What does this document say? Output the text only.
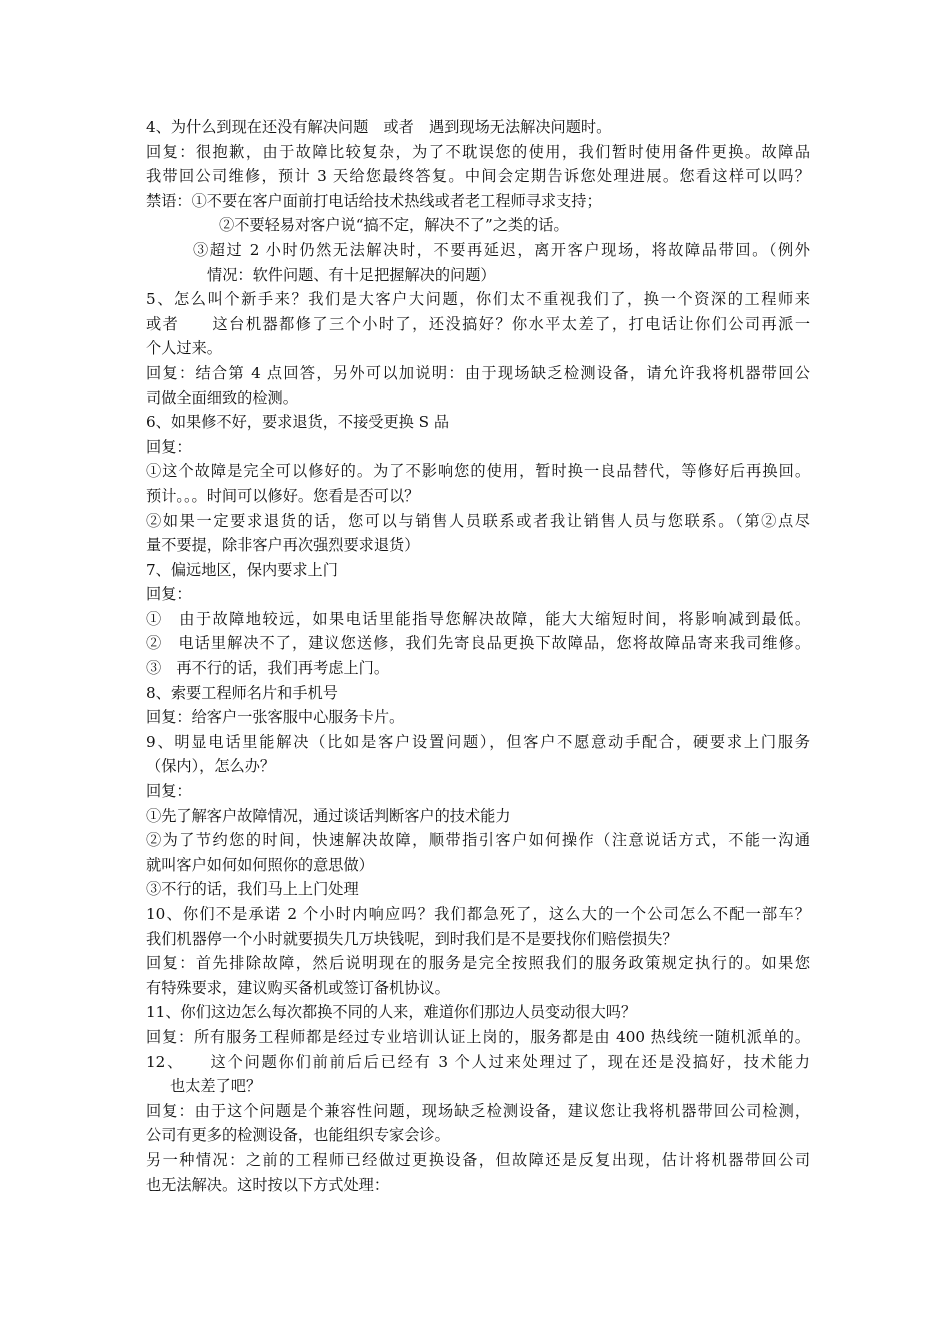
4、为什么到现在还没有解决问题　或者　遇到现场无法解决问题时。
回复：很抱歉，由于故障比较复杂，为了不耽误您的使用，我们暂时使用备件更换。故障品
我带回公司维修，预计 3 天给您最终答复。中间会定期告诉您处理进展。您看这样可以吗？
禁语：①不要在客户面前打电话给技术热线或者老工程师寻求支持；
②不要轻易对客户说“搞不定，解决不了”之类的话。
③超过 2 小时仍然无法解决时，不要再延迟，离开客户现场，将故障品带回。（例外
情况：软件问题、有十足把握解决的问题）
5、怎么叫个新手来？我们是大客户大问题，你们太不重视我们了，换一个资深的工程师来
或者　　这台机器都修了三个小时了，还没搞好？你水平太差了，打电话让你们公司再派一
个人过来。
回复：结合第 4 点回答，另外可以加说明：由于现场缺乏检测设备，请允许我将机器带回公
司做全面细致的检测。
6、如果修不好，要求退货，不接受更换 S 品
回复：
①这个故障是完全可以修好的。为了不影响您的使用，暂时换一良品替代，等修好后再换回。
预计。。。时间可以修好。您看是否可以？
②如果一定要求退货的话，您可以与销售人员联系或者我让销售人员与您联系。（第②点尽
量不要提，除非客户再次强烈要求退货）
7、偏远地区，保内要求上门
回复：
①　由于故障地较远，如果电话里能指导您解决故障，能大大缩短时间，将影响减到最低。
②　电话里解决不了，建议您送修，我们先寄良品更换下故障品，您将故障品寄来我司维修。
③　再不行的话，我们再考虑上门。
8、索要工程师名片和手机号
回复：给客户一张客服中心服务卡片。
9、明显电话里能解决（比如是客户设置问题），但客户不愿意动手配合，硬要求上门服务
（保内），怎么办？
回复：
①先了解客户故障情况，通过谈话判断客户的技术能力
②为了节约您的时间，快速解决故障，顺带指引客户如何操作（注意说话方式，不能一沟通
就叫客户如何如何照你的意思做）
③不行的话，我们马上上门处理
10、你们不是承诺 2 个小时内响应吗？我们都急死了，这么大的一个公司怎么不配一部车？
我们机器停一个小时就要损失几万块钱呢，到时我们是不是要找你们赔偿损失？
回复：首先排除故障，然后说明现在的服务是完全按照我们的服务政策规定执行的。如果您
有特殊要求，建议购买备机或签订备机协议。
11、你们这边怎么每次都换不同的人来，难道你们那边人员变动很大吗？
回复：所有服务工程师都是经过专业培训认证上岗的，服务都是由 400 热线统一随机派单的。
12、　　这个问题你们前前后后已经有 3 个人过来处理过了，现在还是没搞好，技术能力
也太差了吧？
回复：由于这个问题是个兼容性问题，现场缺乏检测设备，建议您让我将机器带回公司检测，
公司有更多的检测设备，也能组织专家会诊。
另一种情况：之前的工程师已经做过更换设备，但故障还是反复出现，估计将机器带回公司
也无法解决。这时按以下方式处理：
